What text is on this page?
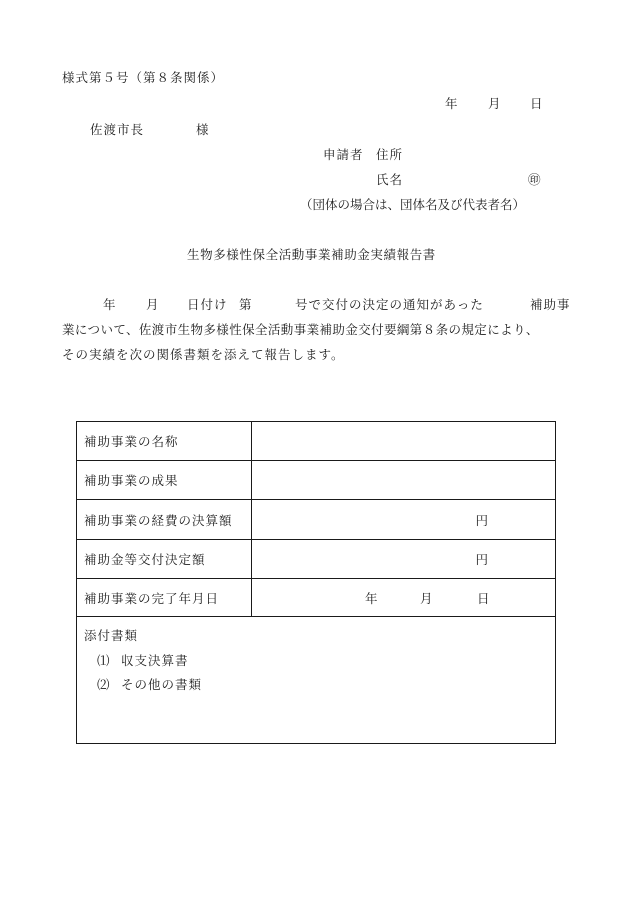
様式第５号（第８条関係）
年 月 日
佐渡市長	様
申請者 住所
氏名	㊞
（団体の場合は、団体名及び代表者名）
生物多様性保全活動事業補助金実績報告書
年 月 日付け 第	号で交付の決定の通知があった	補助事
業について、佐渡市生物多様性保全活動事業補助金交付要綱第８条の規定により、
その実績を次の関係書類を添えて報告します。
補助事業の名称	
補助事業の成果	
補助事業の経費の決算額	円
補助金等交付決定額	円
補助事業の完了年月日	年 月 日

添付書類
⑴ 収支決算書
⑵ その他の書類	
